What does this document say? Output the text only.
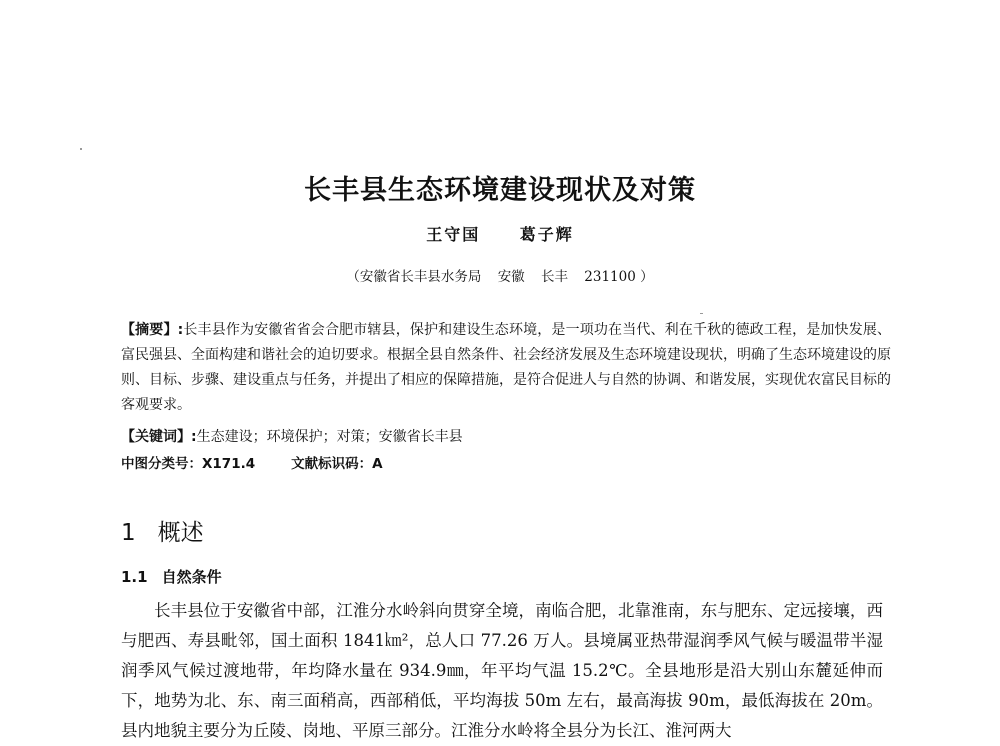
长丰县生态环境建设现状及对策
王守国 葛子辉
（安徽省长丰县水务局 安徽 长丰 231100 ）
【摘要】:长丰县作为安徽省省会合肥市辖县，保护和建设生态环境，是一项功在当代、利在千秋的德政工程，是加快发展、富民强县、全面构建和谐社会的迫切要求。根据全县自然条件、社会经济发展及生态环境建设现状，明确了生态环境建设的原则、目标、步骤、建设重点与任务，并提出了相应的保障措施，是符合促进人与自然的协调、和谐发展，实现优农富民目标的客观要求。
【关键词】:生态建设；环境保护；对策；安徽省长丰县
中图分类号：X171.4	文献标识码：A
1 概述
1.1 自然条件
长丰县位于安徽省中部，江淮分水岭斜向贯穿全境，南临合肥，北靠淮南，东与肥东、定远接壤，西与肥西、寿县毗邻，国土面积 1841㎞²，总人口 77.26 万人。县境属亚热带湿润季风气候与暖温带半湿润季风气候过渡地带，年均降水量在 934.9㎜，年平均气温 15.2℃。全县地形是沿大别山东麓延伸而下，地势为北、东、南三面稍高，西部稍低，平均海拔 50m 左右，最高海拔 90m，最低海拔在 20m。县内地貌主要分为丘陵、岗地、平原三部分。江淮分水岭将全县分为长江、淮河两大
